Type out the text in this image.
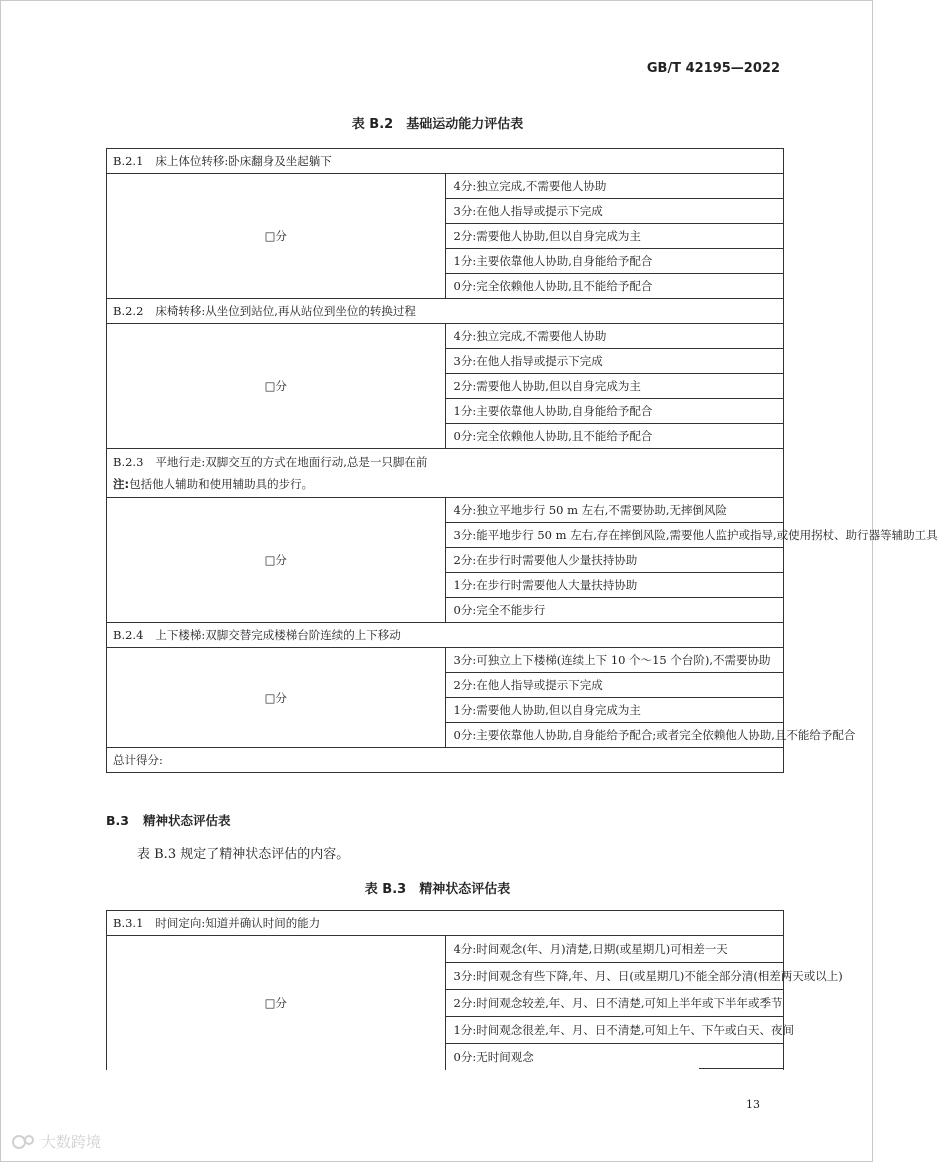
GB/T 42195—2022
表 B.2　基础运动能力评估表
B.2.1 床上体位转移:卧床翻身及坐起躺下	
□分	4分:独立完成,不需要他人协助
	3分:在他人指导或提示下完成
	2分:需要他人协助,但以自身完成为主
	1分:主要依靠他人协助,自身能给予配合
	0分:完全依赖他人协助,且不能给予配合
B.2.2 床椅转移:从坐位到站位,再从站位到坐位的转换过程	
□分	4分:独立完成,不需要他人协助
	3分:在他人指导或提示下完成
	2分:需要他人协助,但以自身完成为主
	1分:主要依靠他人协助,自身能给予配合
	0分:完全依赖他人协助,且不能给予配合
B.2.3 平地行走:双脚交互的方式在地面行动,总是一只脚在前
注:包括他人辅助和使用辅助具的步行。	
□分	4分:独立平地步行 50 m 左右,不需要协助,无摔倒风险
	3分:能平地步行 50 m 左右,存在摔倒风险,需要他人监护或指导,或使用拐杖、助行器等辅助工具
	2分:在步行时需要他人少量扶持协助
	1分:在步行时需要他人大量扶持协助
	0分:完全不能步行
B.2.4 上下楼梯:双脚交替完成楼梯台阶连续的上下移动	
□分	3分:可独立上下楼梯(连续上下 10 个～15 个台阶),不需要协助
	2分:在他人指导或提示下完成
	1分:需要他人协助,但以自身完成为主
	0分:主要依靠他人协助,自身能给予配合;或者完全依赖他人协助,且不能给予配合
总计得分:	
B.3 精神状态评估表
表 B.3 规定了精神状态评估的内容。
表 B.3　精神状态评估表
B.3.1 时间定向:知道并确认时间的能力
□分	4分:时间观念(年、月)清楚,日期(或星期几)可相差一天
3分:时间观念有些下降,年、月、日(或星期几)不能全部分清(相差两天或以上)
2分:时间观念较差,年、月、日不清楚,可知上半年或下半年或季节
1分:时间观念很差,年、月、日不清楚,可知上午、下午或白天、夜间
0分:无时间观念
13
大数跨境
